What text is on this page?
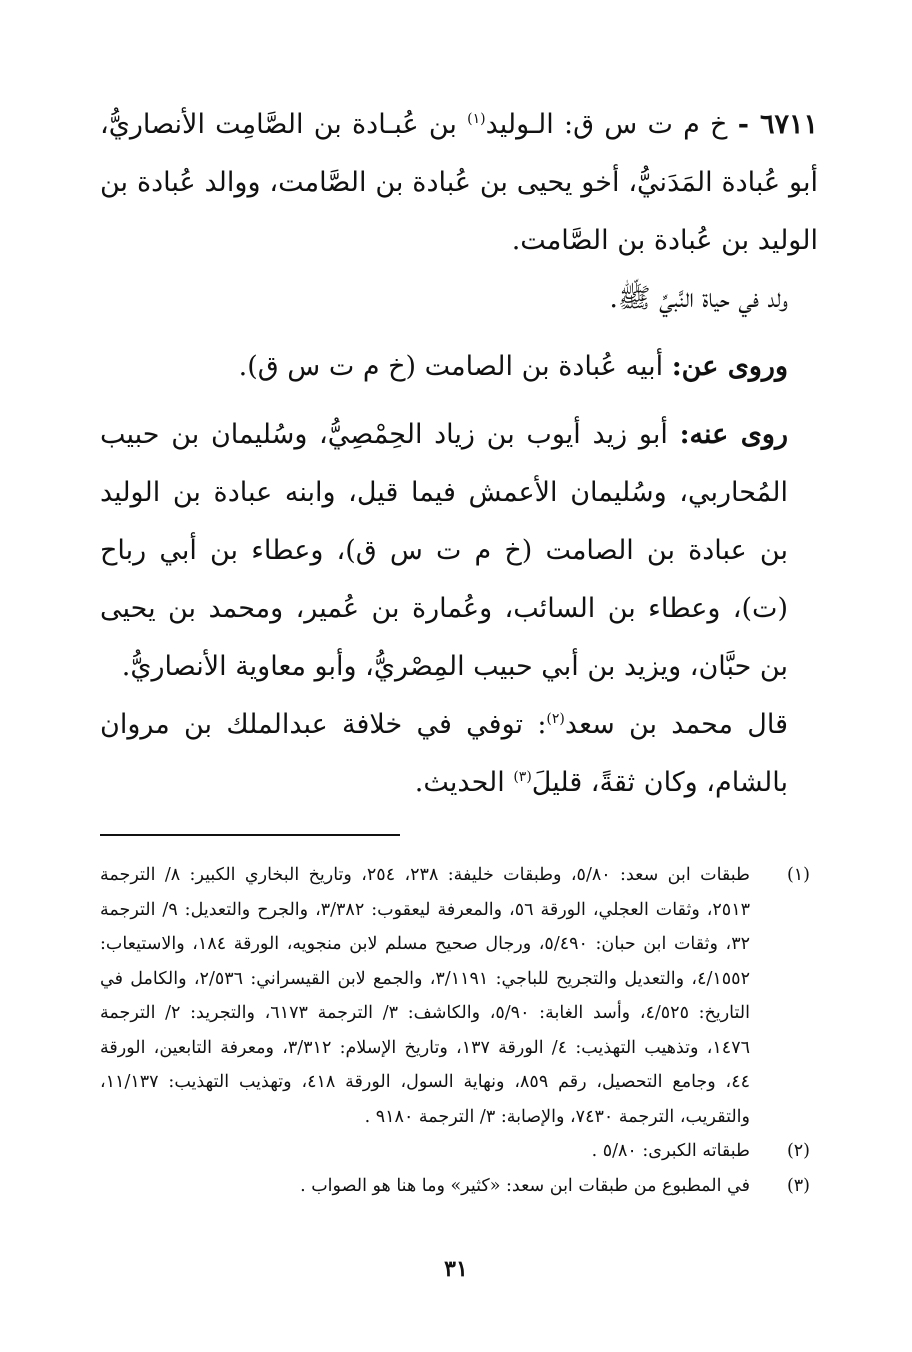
٦٧١١ - خ م ت س ق: الـوليد$^{(١)}$ بن عُبـادة بن الصَّامِت الأنصاريُّ، أبو عُبادة المَدَنيُّ، أخو يحيى بن عُبادة بن الصَّامت، ووالد عُبادة بن الوليد بن عُبادة بن الصَّامت.

ولد في حياة النَّبيِّ ﷺ.

وروى عن: أبيه عُبادة بن الصامت (خ م ت س ق).

روى عنه: أبو زيد أيوب بن زياد الحِمْصِيُّ، وسُليمان بن حبيب المُحاربي، وسُليمان الأعمش فيما قيل، وابنه عبادة بن الوليد بن عبادة بن الصامت (خ م ت س ق)، وعطاء بن أبي رباح (ت)، وعطاء بن السائب، وعُمارة بن عُمير، ومحمد بن يحيى بن حبَّان، ويزيد بن أبي حبيب المِصْريُّ، وأبو معاوية الأنصاريُّ.

قال محمد بن سعد$^{(٢)}$: توفي في خلافة عبدالملك بن مروان بالشام، وكان ثقةً، قليلَ$^{(٣)}$ الحديث.

(١)
طبقات ابن سعد: ٥/٨٠، وطبقات خليفة: ٢٣٨، ٢٥٤، وتاريخ البخاري الكبير: ٨/ الترجمة ٢٥١٣، وثقات العجلي، الورقة ٥٦، والمعرفة ليعقوب: ٣/٣٨٢، والجرح والتعديل: ٩/ الترجمة ٣٢، وثقات ابن حبان: ٥/٤٩٠، ورجال صحيح مسلم لابن منجويه، الورقة ١٨٤، والاستيعاب: ٤/١٥٥٢، والتعديل والتجريح للباجي: ٣/١١٩١، والجمع لابن القيسراني: ٢/٥٣٦، والكامل في التاريخ: ٤/٥٢٥، وأسد الغابة: ٥/٩٠، والكاشف: ٣/ الترجمة ٦١٧٣، والتجريد: ٢/ الترجمة ١٤٧٦، وتذهيب التهذيب: ٤/ الورقة ١٣٧، وتاريخ الإسلام: ٣/٣١٢، ومعرفة التابعين، الورقة ٤٤، وجامع التحصيل، رقم ٨٥٩، ونهاية السول، الورقة ٤١٨، وتهذيب التهذيب: ١١/١٣٧، والتقريب، الترجمة ٧٤٣٠، والإصابة: ٣/ الترجمة ٩١٨٠ .
(٢)
طبقاته الكبرى: ٥/٨٠ .
(٣)
في المطبوع من طبقات ابن سعد: «كثير» وما هنا هو الصواب .
٣١
